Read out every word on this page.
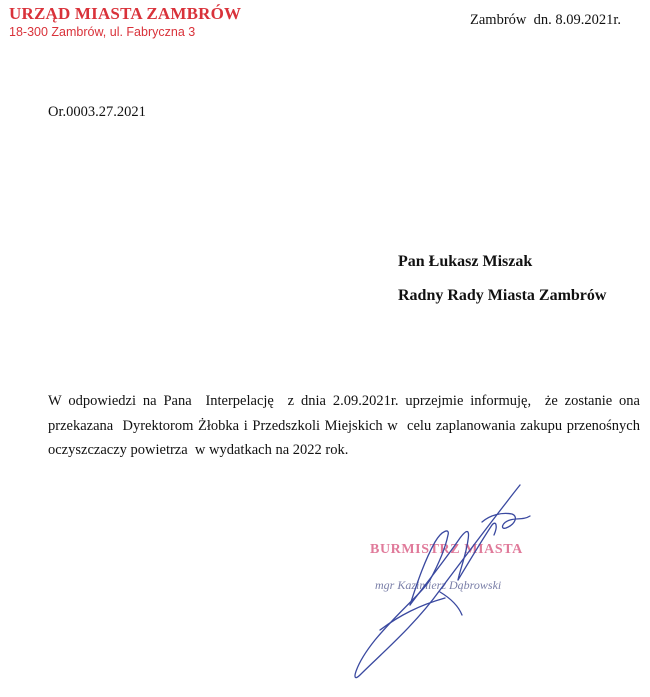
URZĄD MIASTA ZAMBRÓW
18-300 Zambrów, ul. Fabryczna 3
Zambrów  dn. 8.09.2021r.
Or.0003.27.2021
Pan Łukasz Miszak
Radny Rady Miasta Zambrów

W odpowiedzi na Pana  Interpelację  z dnia 2.09.2021r. uprzejmie informuję,  że zostanie ona przekazana  Dyrektorom Żłobka i Przedszkoli Miejskich w  celu zaplanowania zakupu przenośnych oczyszczaczy powietrza  w wydatkach na 2022 rok.

BURMISTRZ MIASTA
mgr Kazimierz Dąbrowski
